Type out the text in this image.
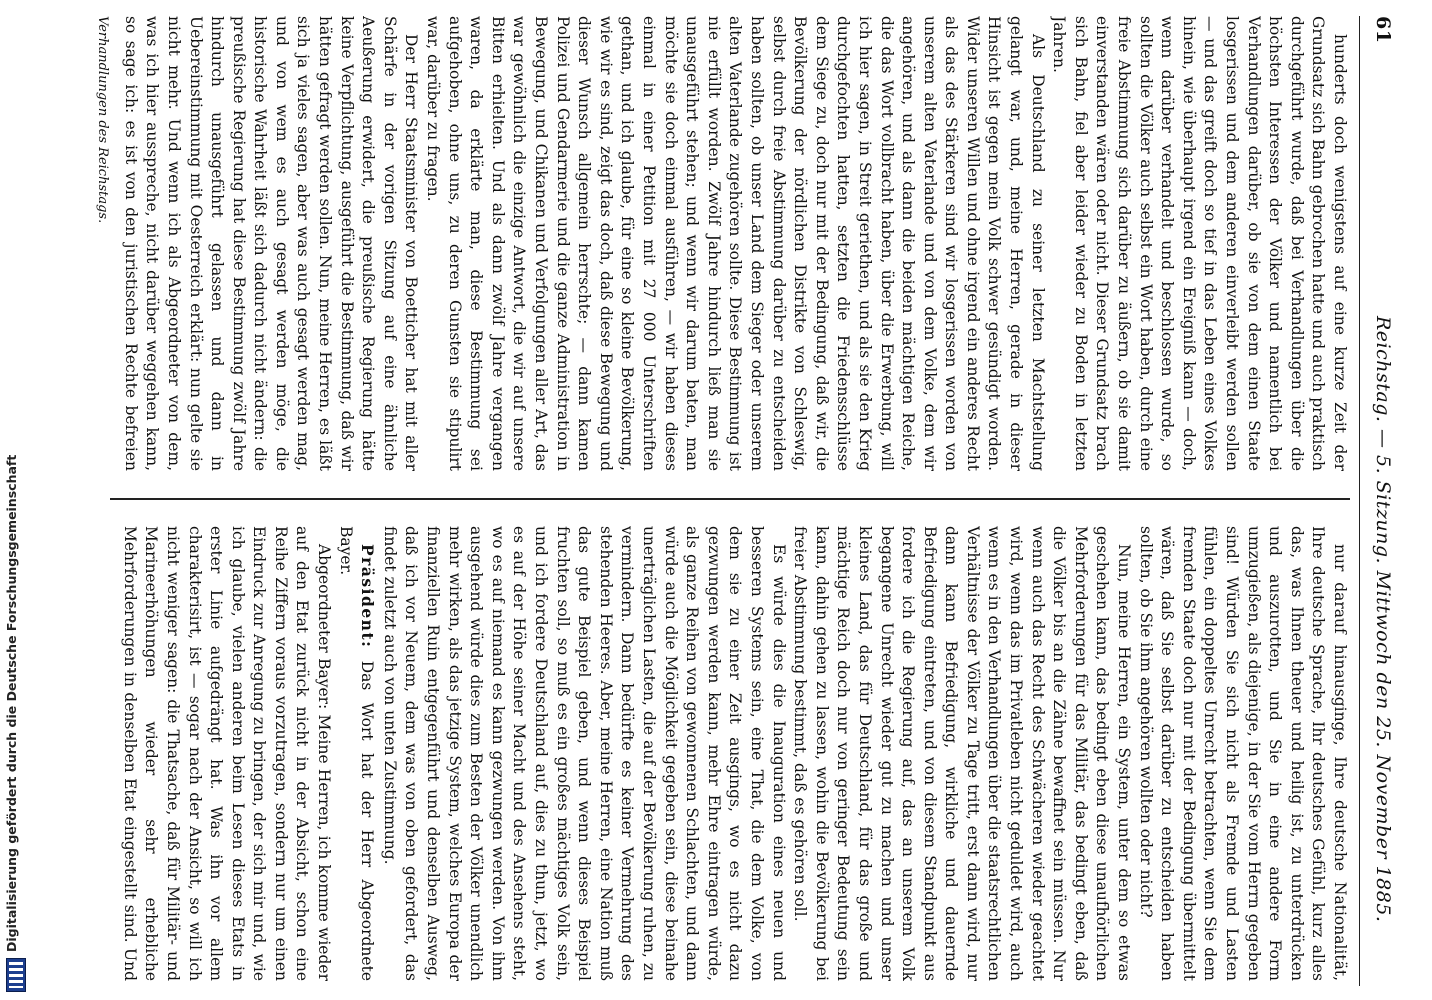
61
Reichstag. — 5. Sitzung. Mittwoch den 25. November 1885.

hunderts doch wenigstens auf eine kurze Zeit der Grundsatz sich Bahn gebrochen hatte und auch praktisch durchgeführt wurde, daß bei Verhandlungen über die höchsten Interessen der Völker und namentlich bei Verhandlungen darüber, ob sie von dem einen Staate losgerissen und dem anderen einverleibt werden sollen — und das greift doch so tief in das Leben eines Volkes hinein, wie überhaupt irgend ein Ereigniß kann — doch, wenn darüber verhandelt und beschlossen wurde, so sollten die Völker auch selbst ein Wort haben, durch eine freie Abstimmung sich darüber zu äußern, ob sie damit einverstanden wären oder nicht. Dieser Grundsatz brach sich Bahn, fiel aber leider wieder zu Boden in letzten Jahren.

Als Deutschland zu seiner letzten Machtstellung gelangt war, und, meine Herren, gerade in dieser Hinsicht ist gegen mein Volk schwer gesündigt worden. Wider unseren Willen und ohne irgend ein anderes Recht als das des Stärkeren sind wir losgerissen worden von unserem alten Vaterlande und von dem Volke, dem wir angehören, und als dann die beiden mächtigen Reiche, die das Wort vollbracht haben, über die Erwerbung, will ich hier sagen, in Streit geriethen, und als sie den Krieg durchgefochten hatten, setzten die Friedensschlüsse dem Siege zu, doch nur mit der Bedingung, daß wir, die Bevölkerung der nördlichen Distrikte von Schleswig, selbst durch freie Abstimmung darüber zu entscheiden haben sollten, ob unser Land dem Sieger oder unserem alten Vaterlande zugehören sollte. Diese Bestimmung ist nie erfüllt worden. Zwölf Jahre hindurch ließ man sie unausgeführt stehen; und wenn wir darum baten, man möchte sie doch einmal ausführen, — wir haben dieses einmal in einer Petition mit 27 000 Unterschriften gethan, und ich glaube, für eine so kleine Bevölkerung, wie wir es sind, zeigt das doch, daß diese Bewegung und dieser Wunsch allgemein herrschte; — dann kamen Polizei und Gendarmerie und die ganze Administration in Bewegung, und Chikanen und Verfolgungen aller Art, das war gewöhnlich die einzige Antwort, die wir auf unsere Bitten erhielten. Und als dann zwölf Jahre vergangen waren, da erklärte man, diese Bestimmung sei aufgehoben, ohne uns, zu deren Gunsten sie stipulirt war, darüber zu fragen.

Der Herr Staatsminister von Boetticher hat mit aller Schärfe in der vorigen Sitzung auf eine ähnliche Aeußerung erwidert, die preußische Regierung hätte keine Verpflichtung, ausgeführt die Bestimmung, daß wir hätten gefragt werden sollen. Nun, meine Herren, es läßt sich ja vieles sagen, aber was auch gesagt werden mag, und von wem es auch gesagt werden möge, die historische Wahrheit läßt sich dadurch nicht ändern: die preußische Regierung hat diese Bestimmung zwölf Jahre hindurch unausgeführt gelassen und dann in Uebereinstimmung mit Oesterreich erklärt: nun gelte sie nicht mehr. Und wenn ich als Abgeordneter von dem, was ich hier ausspreche, nicht darüber weggehen kann, so sage ich: es ist von den juristischen Rechte befreien

nur darauf hinausginge, Ihre deutsche Nationalität, Ihre deutsche Sprache, Ihr deutsches Gefühl, kurz alles das, was Ihnen theuer und heilig ist, zu unterdrücken und auszurotten, und Sie in eine andere Form umzugießen, als diejenige, in der Sie vom Herrn gegeben sind! Würden Sie sich nicht als Fremde und Lasten fühlen, ein doppeltes Unrecht betrachten, wenn Sie dem fremden Staate doch nur mit der Bedingung übermittelt wären, daß Sie selbst darüber zu entscheiden haben sollten, ob Sie ihm angehören wollten oder nicht?

Nun, meine Herren, ein System, unter dem so etwas geschehen kann, das bedingt eben diese unaufhörlichen Mehrforderungen für das Militär, das bedingt eben, daß die Völker bis an die Zähne bewaffnet sein müssen. Nur wenn auch das Recht des Schwächeren wieder geachtet wird, wenn das im Privatleben nicht geduldet wird, auch wenn es in den Verhandlungen über die staatsrechtlichen Verhältnisse der Völker zu Tage tritt, erst dann wird, nur dann kann Befriedigung, wirkliche und dauernde Befriedigung eintreten, und von diesem Standpunkt aus fordere ich die Regierung auf, das an unserem Volk begangene Unrecht wieder gut zu machen und unser kleines Land, das für Deutschland, für das große und mächtige Reich doch nur von geringer Bedeutung sein kann, dahin gehen zu lassen, wohin die Bevölkerung bei freier Abstimmung bestimmt, daß es gehören soll.

Es würde dies die Inauguration eines neuen und besseren Systems sein, eine That, die dem Volke, von dem sie zu einer Zeit ausgings, wo es nicht dazu gezwungen werden kann, mehr Ehre eintragen würde, als ganze Reihen von gewonnenen Schlachten, und dann würde auch die Möglichkeit gegeben sein, diese beinahe unerträglichen Lasten, die auf der Bevölkerung ruhen, zu vermindern. Dann bedürfte es keiner Vermehrung des stehenden Heeres. Aber, meine Herren, eine Nation muß das gute Beispiel geben, und wenn dieses Beispiel fruchten soll, so muß es ein großes mächtiges Volk sein, und ich fordere Deutschland auf, dies zu thun, jetzt, wo es auf der Höhe seiner Macht und des Ansehens steht, wo es auf niemand es kann gezwungen werden. Von ihm ausgehend würde dies zum Besten der Völker unendlich mehr wirken, als das jetzige System, welches Europa der finanziellen Ruin entgegenführt und denselben Ausweg, daß ich vor Neuem, dem was von oben gefordert, das findet zuletzt auch von unten Zustimmung.

Präsident: Das Wort hat der Herr Abgeordnete Bayer.

Abgeordneter Bayer: Meine Herren, ich komme wieder auf den Etat zurück nicht in der Absicht, schon eine Reihe Ziffern voraus vorzutragen, sondern nur um einen Eindruck zur Anregung zu bringen, der sich mir und, wie ich glaube, vielen anderen beim Lesen dieses Etats in erster Linie aufgedrängt hat. Was ihn vor allem charakterisirt, ist — sogar nach der Ansicht, so will ich nicht weniger sagen: die Thatsache, daß für Militär- und Marineerhöhungen wieder sehr erhebliche Mehrforderungen in denselben Etat eingestellt sind. Und

Verhandlungen des Reichstags.
Digitalisierung gefördert durch die Deutsche Forschungsgemeinschaft
